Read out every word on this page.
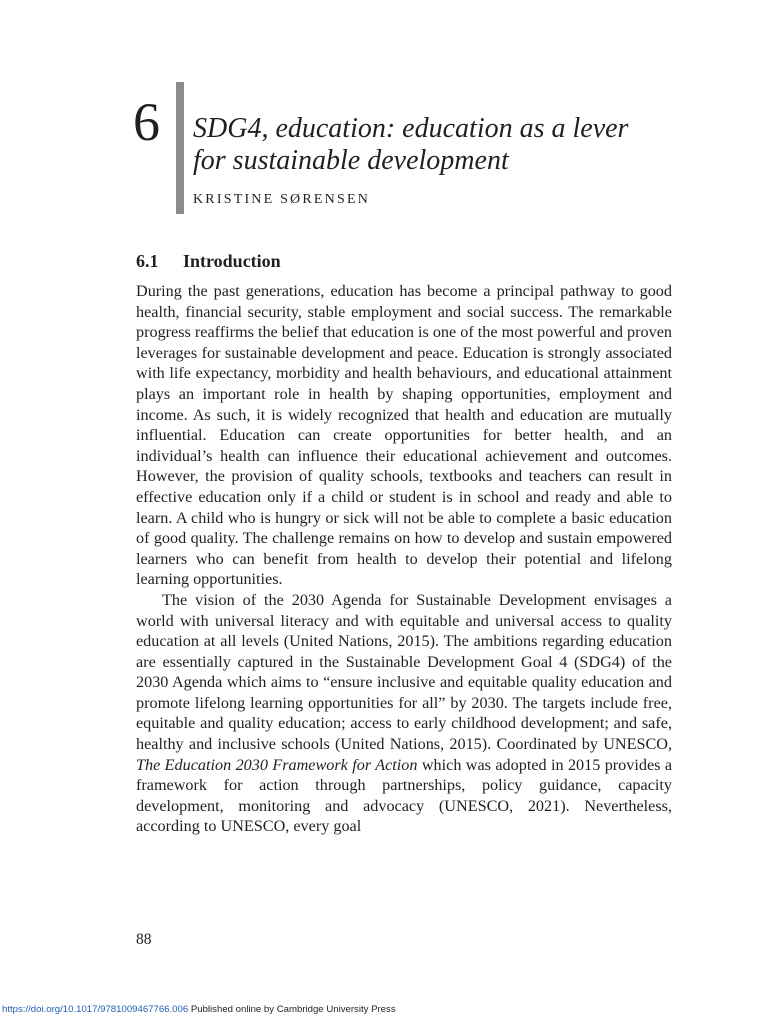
6 SDG4, education: education as a lever
for sustainable development
KRISTINE SØRENSEN
6.1 Introduction

During the past generations, education has become a principal pathway to good health, financial security, stable employment and social success. The remarkable progress reaffirms the belief that education is one of the most powerful and proven leverages for sustainable development and peace. Education is strongly associated with life expectancy, morbidity and health behaviours, and educational attainment plays an important role in health by shaping opportunities, employment and income. As such, it is widely recognized that health and education are mutually influential. Education can create opportunities for better health, and an individual’s health can influence their educational achievement and outcomes. However, the provision of quality schools, textbooks and teachers can result in effective education only if a child or student is in school and ready and able to learn. A child who is hungry or sick will not be able to complete a basic education of good quality. The challenge remains on how to develop and sustain empowered learners who can benefit from health to develop their potential and lifelong learning opportunities.

The vision of the 2030 Agenda for Sustainable Development envisages a world with universal literacy and with equitable and universal access to quality education at all levels (United Nations, 2015). The ambitions regarding education are essentially captured in the Sustainable Development Goal 4 (SDG4) of the 2030 Agenda which aims to “ensure inclusive and equitable quality education and promote lifelong learning opportunities for all” by 2030. The targets include free, equitable and quality education; access to early childhood development; and safe, healthy and inclusive schools (United Nations, 2015). Coordinated by UNESCO, The Education 2030 Framework for Action which was adopted in 2015 provides a framework for action through partnerships, policy guidance, capacity development, monitoring and advocacy (UNESCO, 2021). Nevertheless, according to UNESCO, every goal

88
https://doi.org/10.1017/9781009467766.006 Published online by Cambridge University Press
